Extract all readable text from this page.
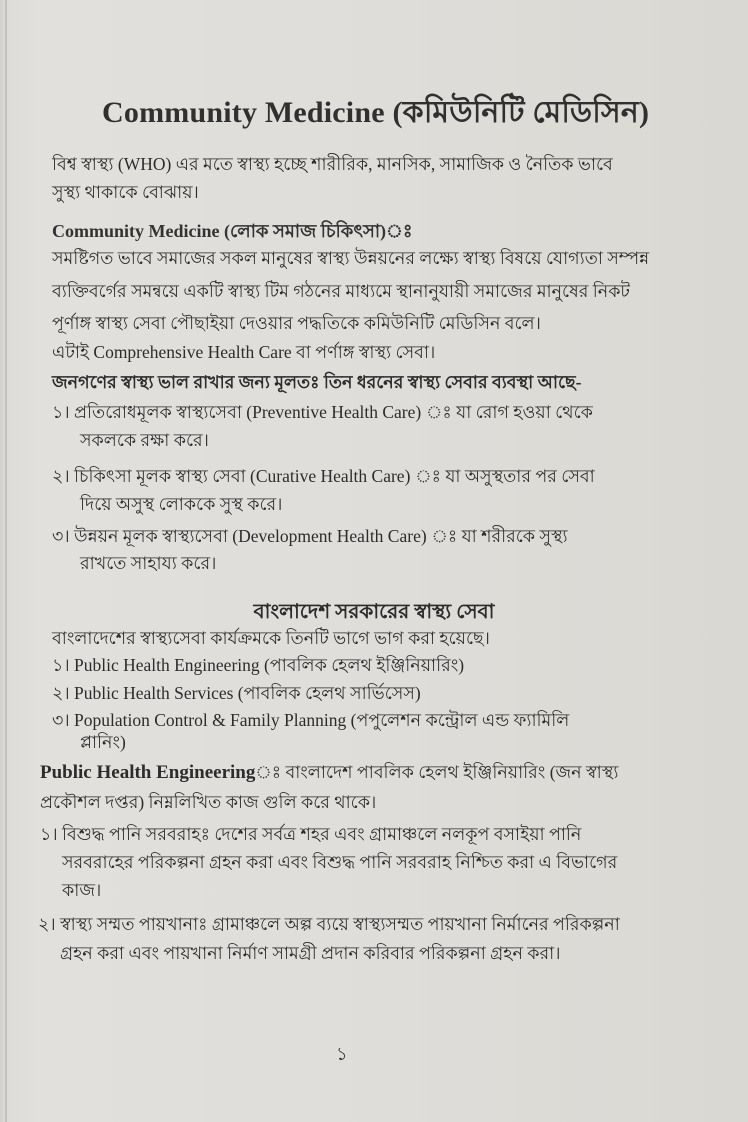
Community Medicine (কমিউনিটি মেডিসিন)
বিশ্ব স্বাস্থ্য (WHO) এর মতে স্বাস্থ্য হচ্ছে শারীরিক, মানসিক, সামাজিক ও নৈতিক ভাবে
সুস্থ্য থাকাকে বোঝায়।
Community Medicine (লোক সমাজ চিকিৎসা)ঃ
সমষ্টিগত ভাবে সমাজের সকল মানুষের স্বাস্থ্য উন্নয়নের লক্ষ্যে স্বাস্থ্য বিষয়ে যোগ্যতা সম্পন্ন
ব্যক্তিবর্গের সমন্বয়ে একটি স্বাস্থ্য টিম গঠনের মাধ্যমে স্থানানুযায়ী সমাজের মানুষের নিকট
পূর্ণাঙ্গ স্বাস্থ্য সেবা পৌছাইয়া দেওয়ার পদ্ধতিকে কমিউনিটি মেডিসিন বলে।
এটাই Comprehensive Health Care বা পর্ণাঙ্গ স্বাস্থ্য সেবা।
জনগণের স্বাস্থ্য ভাল রাখার জন্য মূলতঃ তিন ধরনের স্বাস্থ্য সেবার ব্যবস্থা আছে-
১। প্রতিরোধমূলক স্বাস্থ্যসেবা (Preventive Health Care) ঃ যা রোগ হওয়া থেকে
সকলকে রক্ষা করে।
২। চিকিৎসা মূলক স্বাস্থ্য সেবা (Curative Health Care) ঃ যা অসুস্থতার পর সেবা
দিয়ে অসুস্থ লোককে সুস্থ করে।
৩। উন্নয়ন মূলক স্বাস্থ্যসেবা (Development Health Care) ঃ যা শরীরকে সুস্থ্য
রাখতে সাহায্য করে।
বাংলাদেশ সরকারের স্বাস্থ্য সেবা
বাংলাদেশের স্বাস্থ্যসেবা কার্যক্রমকে তিনটি ভাগে ভাগ করা হয়েছে।
১। Public Health Engineering (পাবলিক হেলথ ইঞ্জিনিয়ারিং)
২। Public Health Services (পাবলিক হেলথ সার্ভিসেস)
৩। Population Control & Family Planning (পপুলেশন কন্ট্রোল এন্ড ফ্যামিলি
প্লানিং)
Public Health Engineeringঃ বাংলাদেশ পাবলিক হেলথ ইঞ্জিনিয়ারিং (জন স্বাস্থ্য
প্রকৌশল দপ্তর) নিম্নলিখিত কাজ গুলি করে থাকে।
১। বিশুদ্ধ পানি সরবরাহঃ দেশের সর্বত্র শহর এবং গ্রামাঞ্চলে নলকূপ বসাইয়া পানি
সরবরাহের পরিকল্পনা গ্রহন করা এবং বিশুদ্ধ পানি সরবরাহ নিশ্চিত করা এ বিভাগের
কাজ।
২। স্বাস্থ্য সম্মত পায়খানাঃ গ্রামাঞ্চলে অল্প ব্যয়ে স্বাস্থ্যসম্মত পায়খানা নির্মানের পরিকল্পনা
গ্রহন করা এবং পায়খানা নির্মাণ সামগ্রী প্রদান করিবার পরিকল্পনা গ্রহন করা।
১
